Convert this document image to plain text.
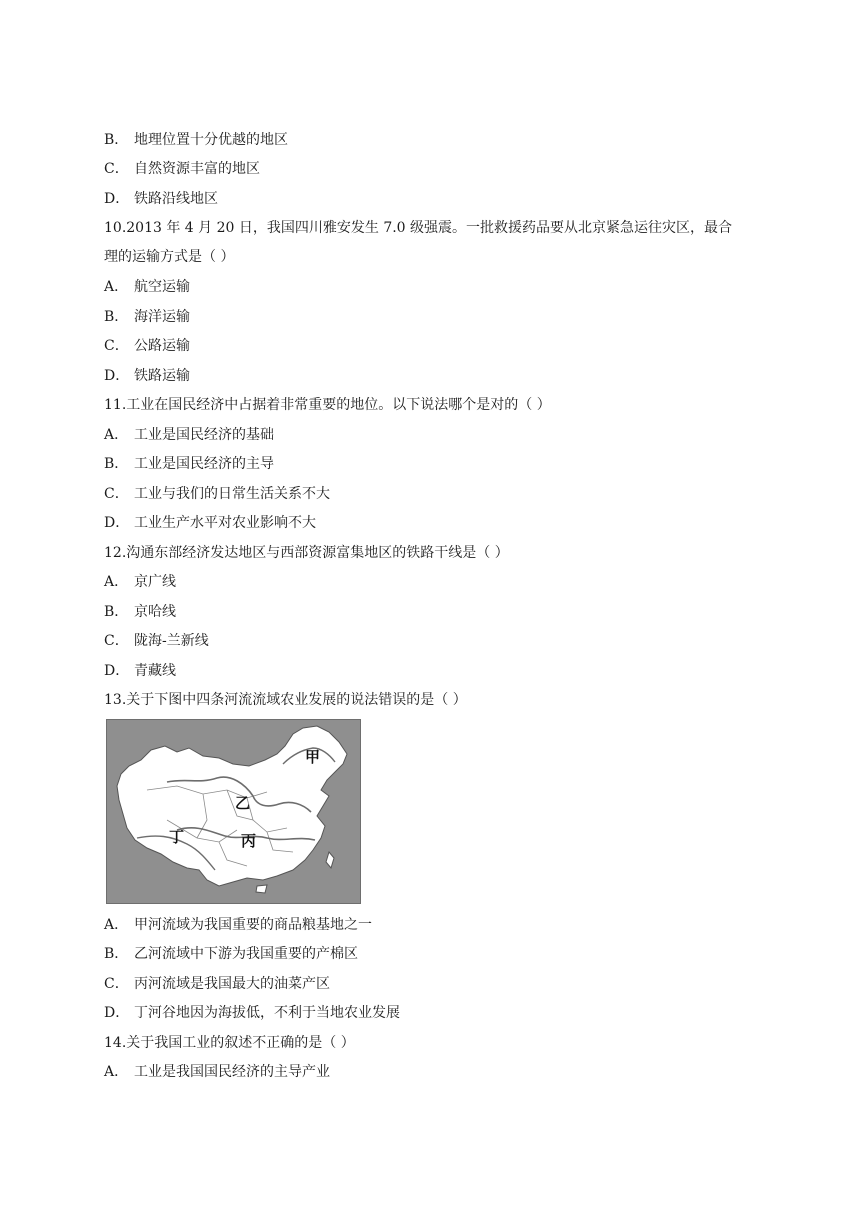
B． 地理位置十分优越的地区
C． 自然资源丰富的地区
D． 铁路沿线地区
10.2013 年 4 月 20 日，我国四川雅安发生 7.0 级强震。一批救援药品要从北京紧急运往灾区，最合
理的运输方式是（ ）
A． 航空运输
B． 海洋运输
C． 公路运输
D． 铁路运输
11.工业在国民经济中占据着非常重要的地位。以下说法哪个是对的（ ）
A． 工业是国民经济的基础
B． 工业是国民经济的主导
C． 工业与我们的日常生活关系不大
D． 工业生产水平对农业影响不大
12.沟通东部经济发达地区与西部资源富集地区的铁路干线是（ ）
A． 京广线
B． 京哈线
C． 陇海-兰新线
D． 青藏线
13.关于下图中四条河流流域农业发展的说法错误的是（ ）
甲
乙
丙
丁
A． 甲河流域为我国重要的商品粮基地之一
B． 乙河流域中下游为我国重要的产棉区
C． 丙河流域是我国最大的油菜产区
D． 丁河谷地因为海拔低，不利于当地农业发展
14.关于我国工业的叙述不正确的是（ ）
A． 工业是我国国民经济的主导产业
